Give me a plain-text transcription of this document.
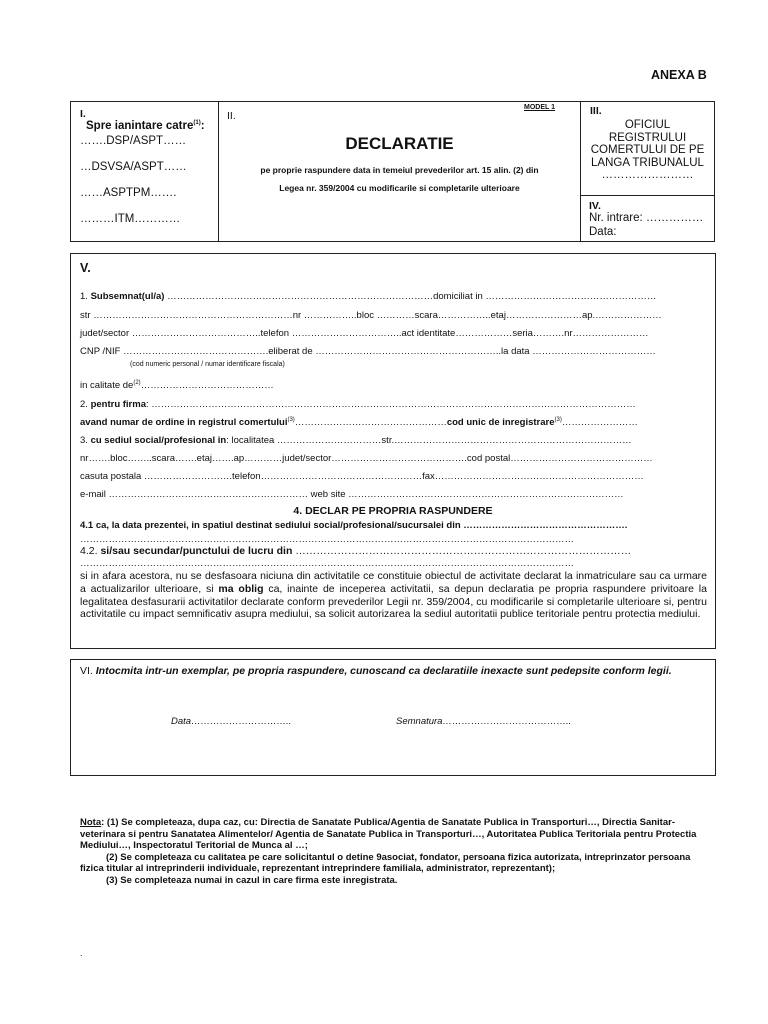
ANEXA B
IV.
Nr. intrare: ……………
Data:
I.
Spre ianintare catre$^{(1)}$:
…….DSP/ASPT……
…DSVSA/ASPT……
……ASPTPM…….
………ITM…………
II.
MODEL 1
DECLARATIE
pe proprie raspundere data in temeiul prevederilor art. 15 alin. (2) din
Legea nr. 359/2004 cu modificarile si completarile ulterioare
III.
OFICIUL
REGISTRULUI
COMERTULUI DE PE
LANGA TRIBUNALUL
……………………
V.
1. Subsemnat(ul/a) …………………………………………………………………………domiciliat in ………………………………………………
str ………………………………………………………nr ……………..bloc …………scara……………..etaj……………………ap.…………………
judet/sector …………………………………..telefon ……………………………..act identitate………………seria……….nr……………………
CNP /NIF ……………………………………….eliberat de …………………………………………………..la data …………………………………
(cod numeric personal / numar identificare fiscala)
in calitate $de^{(2)}\dots\dots\dots\dots\dots\dots\dots\dots\dots\dots\dots\dots\dots\dots$
2. pentru firma: ………………………………………………………………………………………………………………………………………
avand numar de ordine in registrul comertului$^{(3)}$…………………………………………cod unic de inregistrare$^{(3)}$……………………
3. cu sediul social/profesional in: localitatea ……………………………str.…………………………………………………………………
nr…….bloc……..scara…….etaj…….ap…………judet/sector…………………………………….cod postal………………………………………
casuta postala ……………………….telefon……………………………………………fax…………………………………………………………
e-mail ……………………………………………………… web site ……………………………………………………………………………
4. DECLAR PE PROPRIA RASPUNDERE
4.1 ca, la data prezentei, in spatiul destinat sediului social/profesional/sucursalei din …………………………………………….
…………………………………………………………………………………………………………………………………………
4.2. si/sau secundar/punctului de lucru din ……………………………………………………………………………………
…………………………………………………………………………………………………………………………………………
si in afara acestora, nu se desfasoara niciuna din activitatile ce constituie obiectul de activitate declarat la inmatriculare sau ca urmare a actualizarilor ulterioare, si ma oblig ca, inainte de inceperea activitatii, sa depun declaratia pe propria raspundere privitoare la legalitatea desfasurarii activitatilor declarate conform prevederilor Legii nr. 359/2004, cu modificarile si completarile ulterioare si, pentru activitatile cu impact semnificativ asupra mediului, sa solicit autorizarea la sediul autoritatii publice teritoriale pentru protectia mediului.
VI. Intocmita intr-un exemplar, pe propria raspundere, cunoscand ca declaratiile inexacte sunt pedepsite conform legii.
Data…………………………..	Semnatura…………………………………..
Nota: (1) Se completeaza, dupa caz, cu: Directia de Sanatate Publica/Agentia de Sanatate Publica in Transporturi…, Directia Sanitar-veterinara si pentru Sanatatea Alimentelor/ Agentia de Sanatate Publica in Transporturi…, Autoritatea Publica Teritoriala pentru Protectia Mediului…, Inspectoratul Teritorial de Munca al …;
(2) Se completeaza cu calitatea pe care solicitantul o detine 9asociat, fondator, persoana fizica autorizata, intreprinzator persoana fizica titular al intreprinderii individuale, reprezentant intreprindere familiala, administrator, reprezentant);
(3) Se completeaza numai in cazul in care firma este inregistrata.
.
